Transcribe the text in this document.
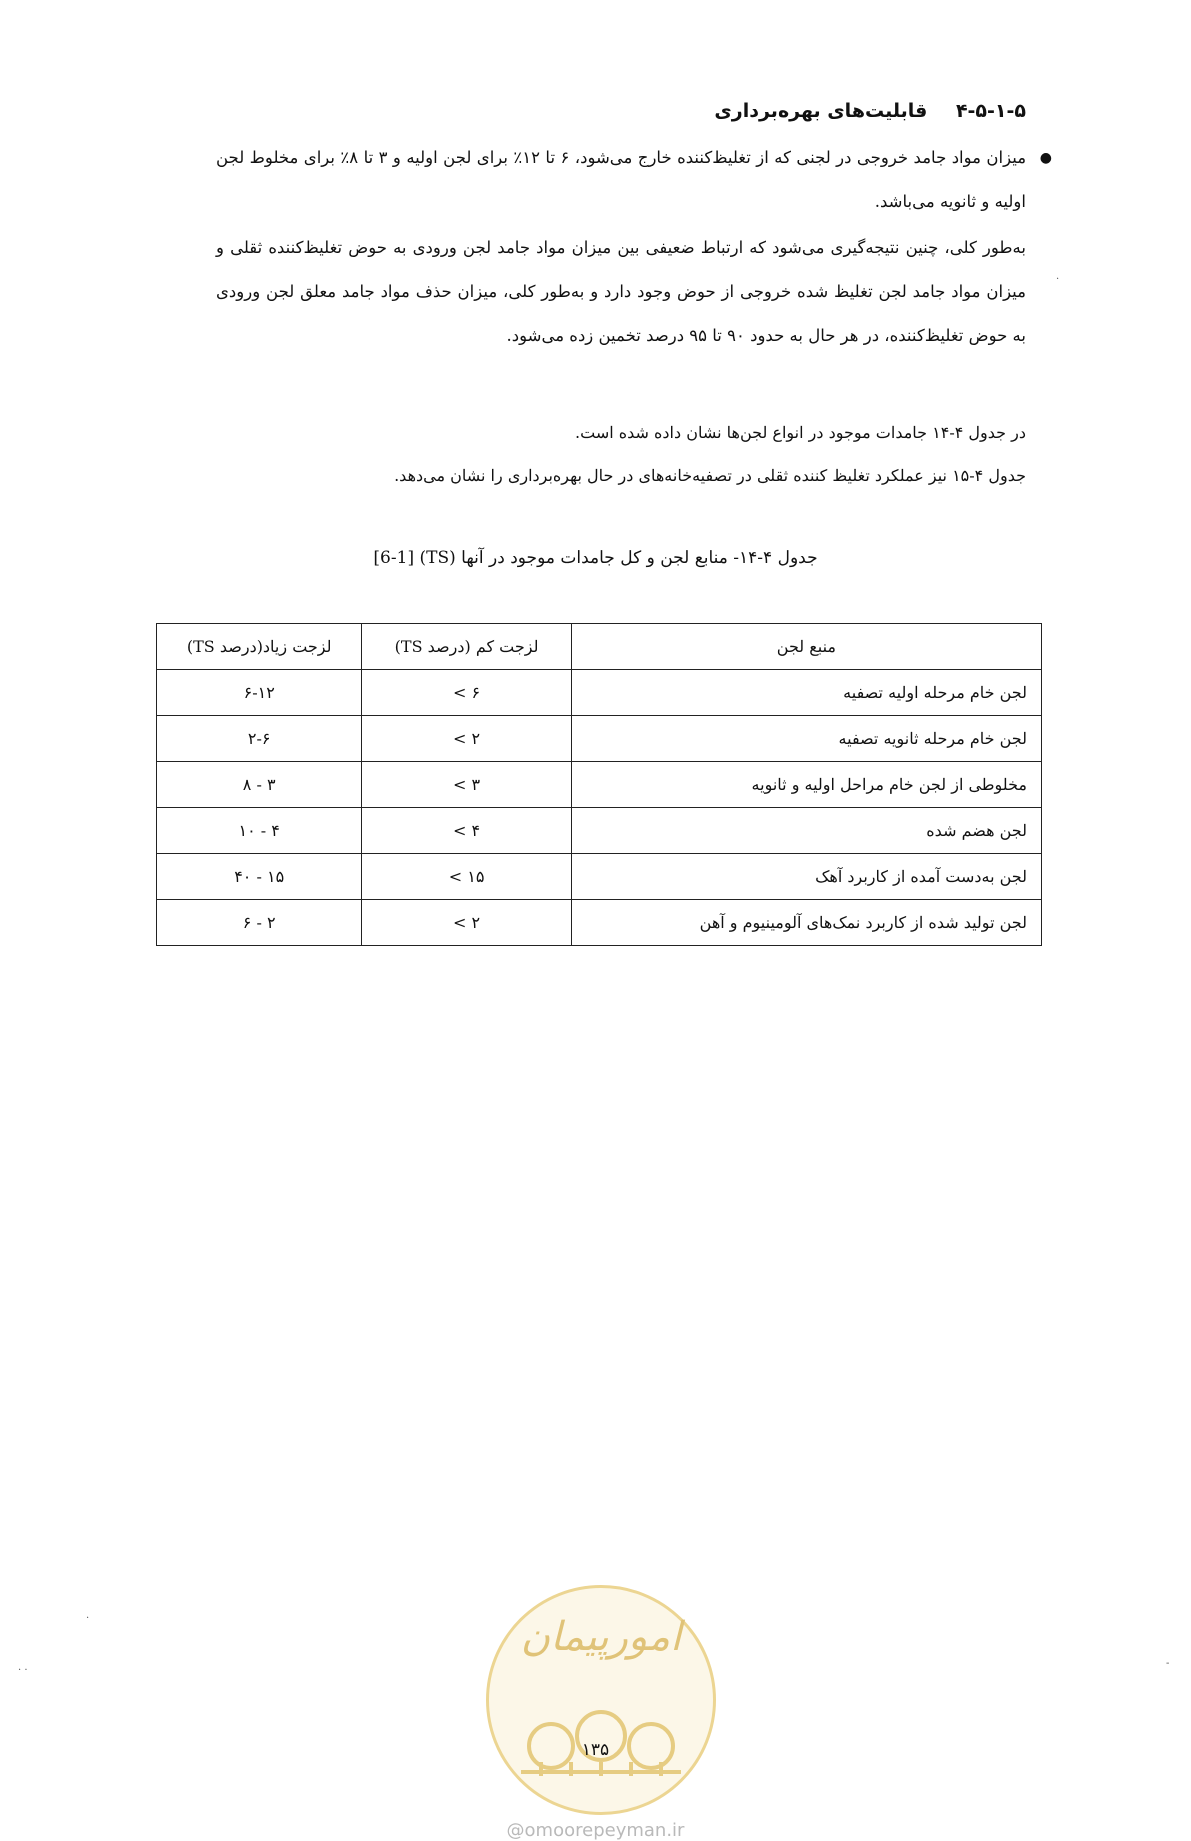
۴-۵-۱-۵ قابلیت‌های بهره‌برداری
●
میزان مواد جامد خروجی در لجنی که از تغلیظ‌کننده خارج می‌شود، ۶ تا ۱۲٪ برای لجن اولیه و ۳ تا ۸٪ برای مخلوط لجن اولیه و ثانویه می‌باشد.
به‌طور کلی، چنین نتیجه‌گیری می‌شود که ارتباط ضعیفی بین میزان مواد جامد لجن ورودی به حوض تغلیظ‌کننده ثقلی و میزان مواد جامد لجن تغلیظ شده خروجی از حوض وجود دارد و به‌طور کلی، میزان حذف مواد جامد معلق لجن ورودی به حوض تغلیظ‌کننده، در هر حال به حدود ۹۰ تا ۹۵ درصد تخمین زده می‌شود.
در جدول ۴-۱۴ جامدات موجود در انواع لجن‌ها نشان داده شده است.
جدول ۴-۱۵ نیز عملکرد تغلیظ کننده ثقلی در تصفیه‌خانه‌های در حال بهره‌برداری را نشان می‌دهد.
جدول ۴-۱۴- منابع لجن و کل جامدات موجود در آنها (TS) [6-1]
منبع لجن	لزجت کم (درصد TS)	لزجت زیاد(درصد TS)
لجن خام مرحله اولیه تصفیه	۶ >	۶-۱۲
لجن خام مرحله ثانویه تصفیه	۲ >	۲-۶
مخلوطی از لجن خام مراحل اولیه و ثانویه	۳ >	۳ - ۸
لجن هضم شده	۴ >	۴ - ۱۰
لجن به‌دست آمده از کاربرد آهک	۱۵ >	۱۵ - ۴۰
لجن تولید شده از کاربرد نمک‌های آلومینیوم و آهن	۲ >	۲ - ۶
امورپیمان
۱۳۵
@omoorepeyman.ir
.
.
. .	-
